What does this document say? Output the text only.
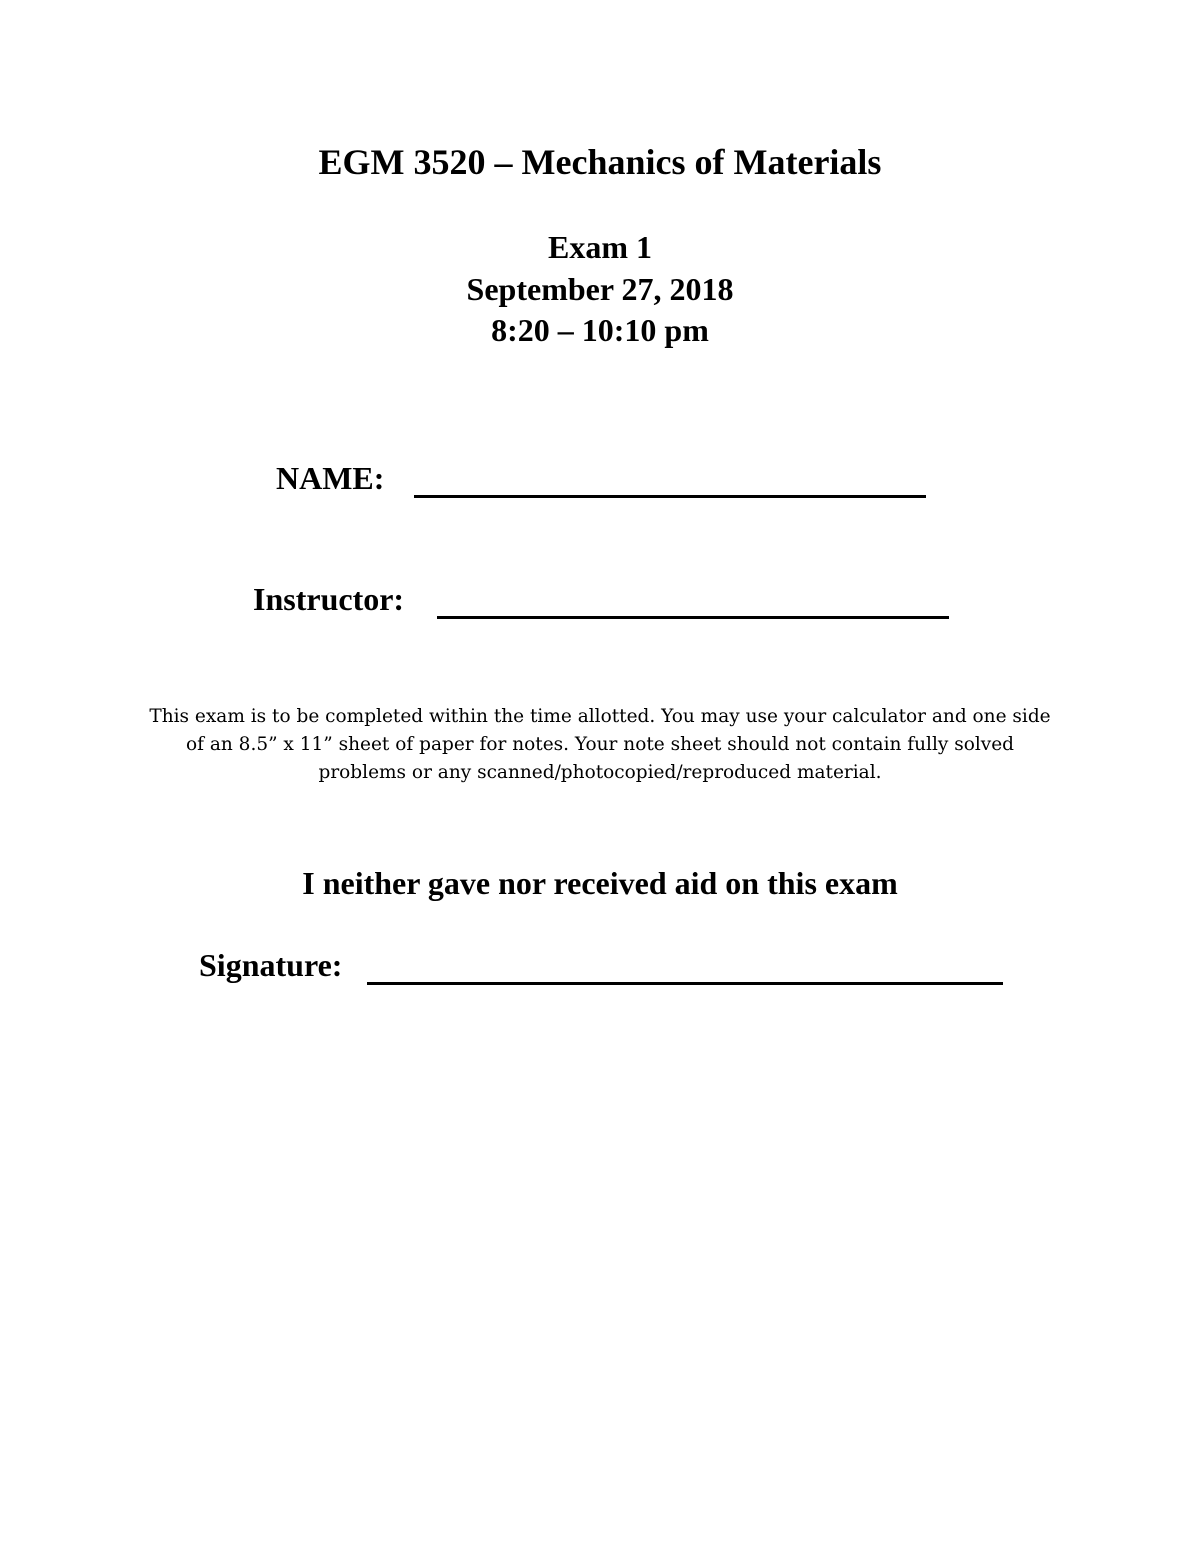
EGM 3520 – Mechanics of Materials
Exam 1
September 27, 2018
8:20 – 10:10 pm
NAME:
Instructor:
This exam is to be completed within the time allotted. You may use your calculator and one side of an 8.5” x 11” sheet of paper for notes. Your note sheet should not contain fully solved problems or any scanned/photocopied/reproduced material.
I neither gave nor received aid on this exam
Signature:
